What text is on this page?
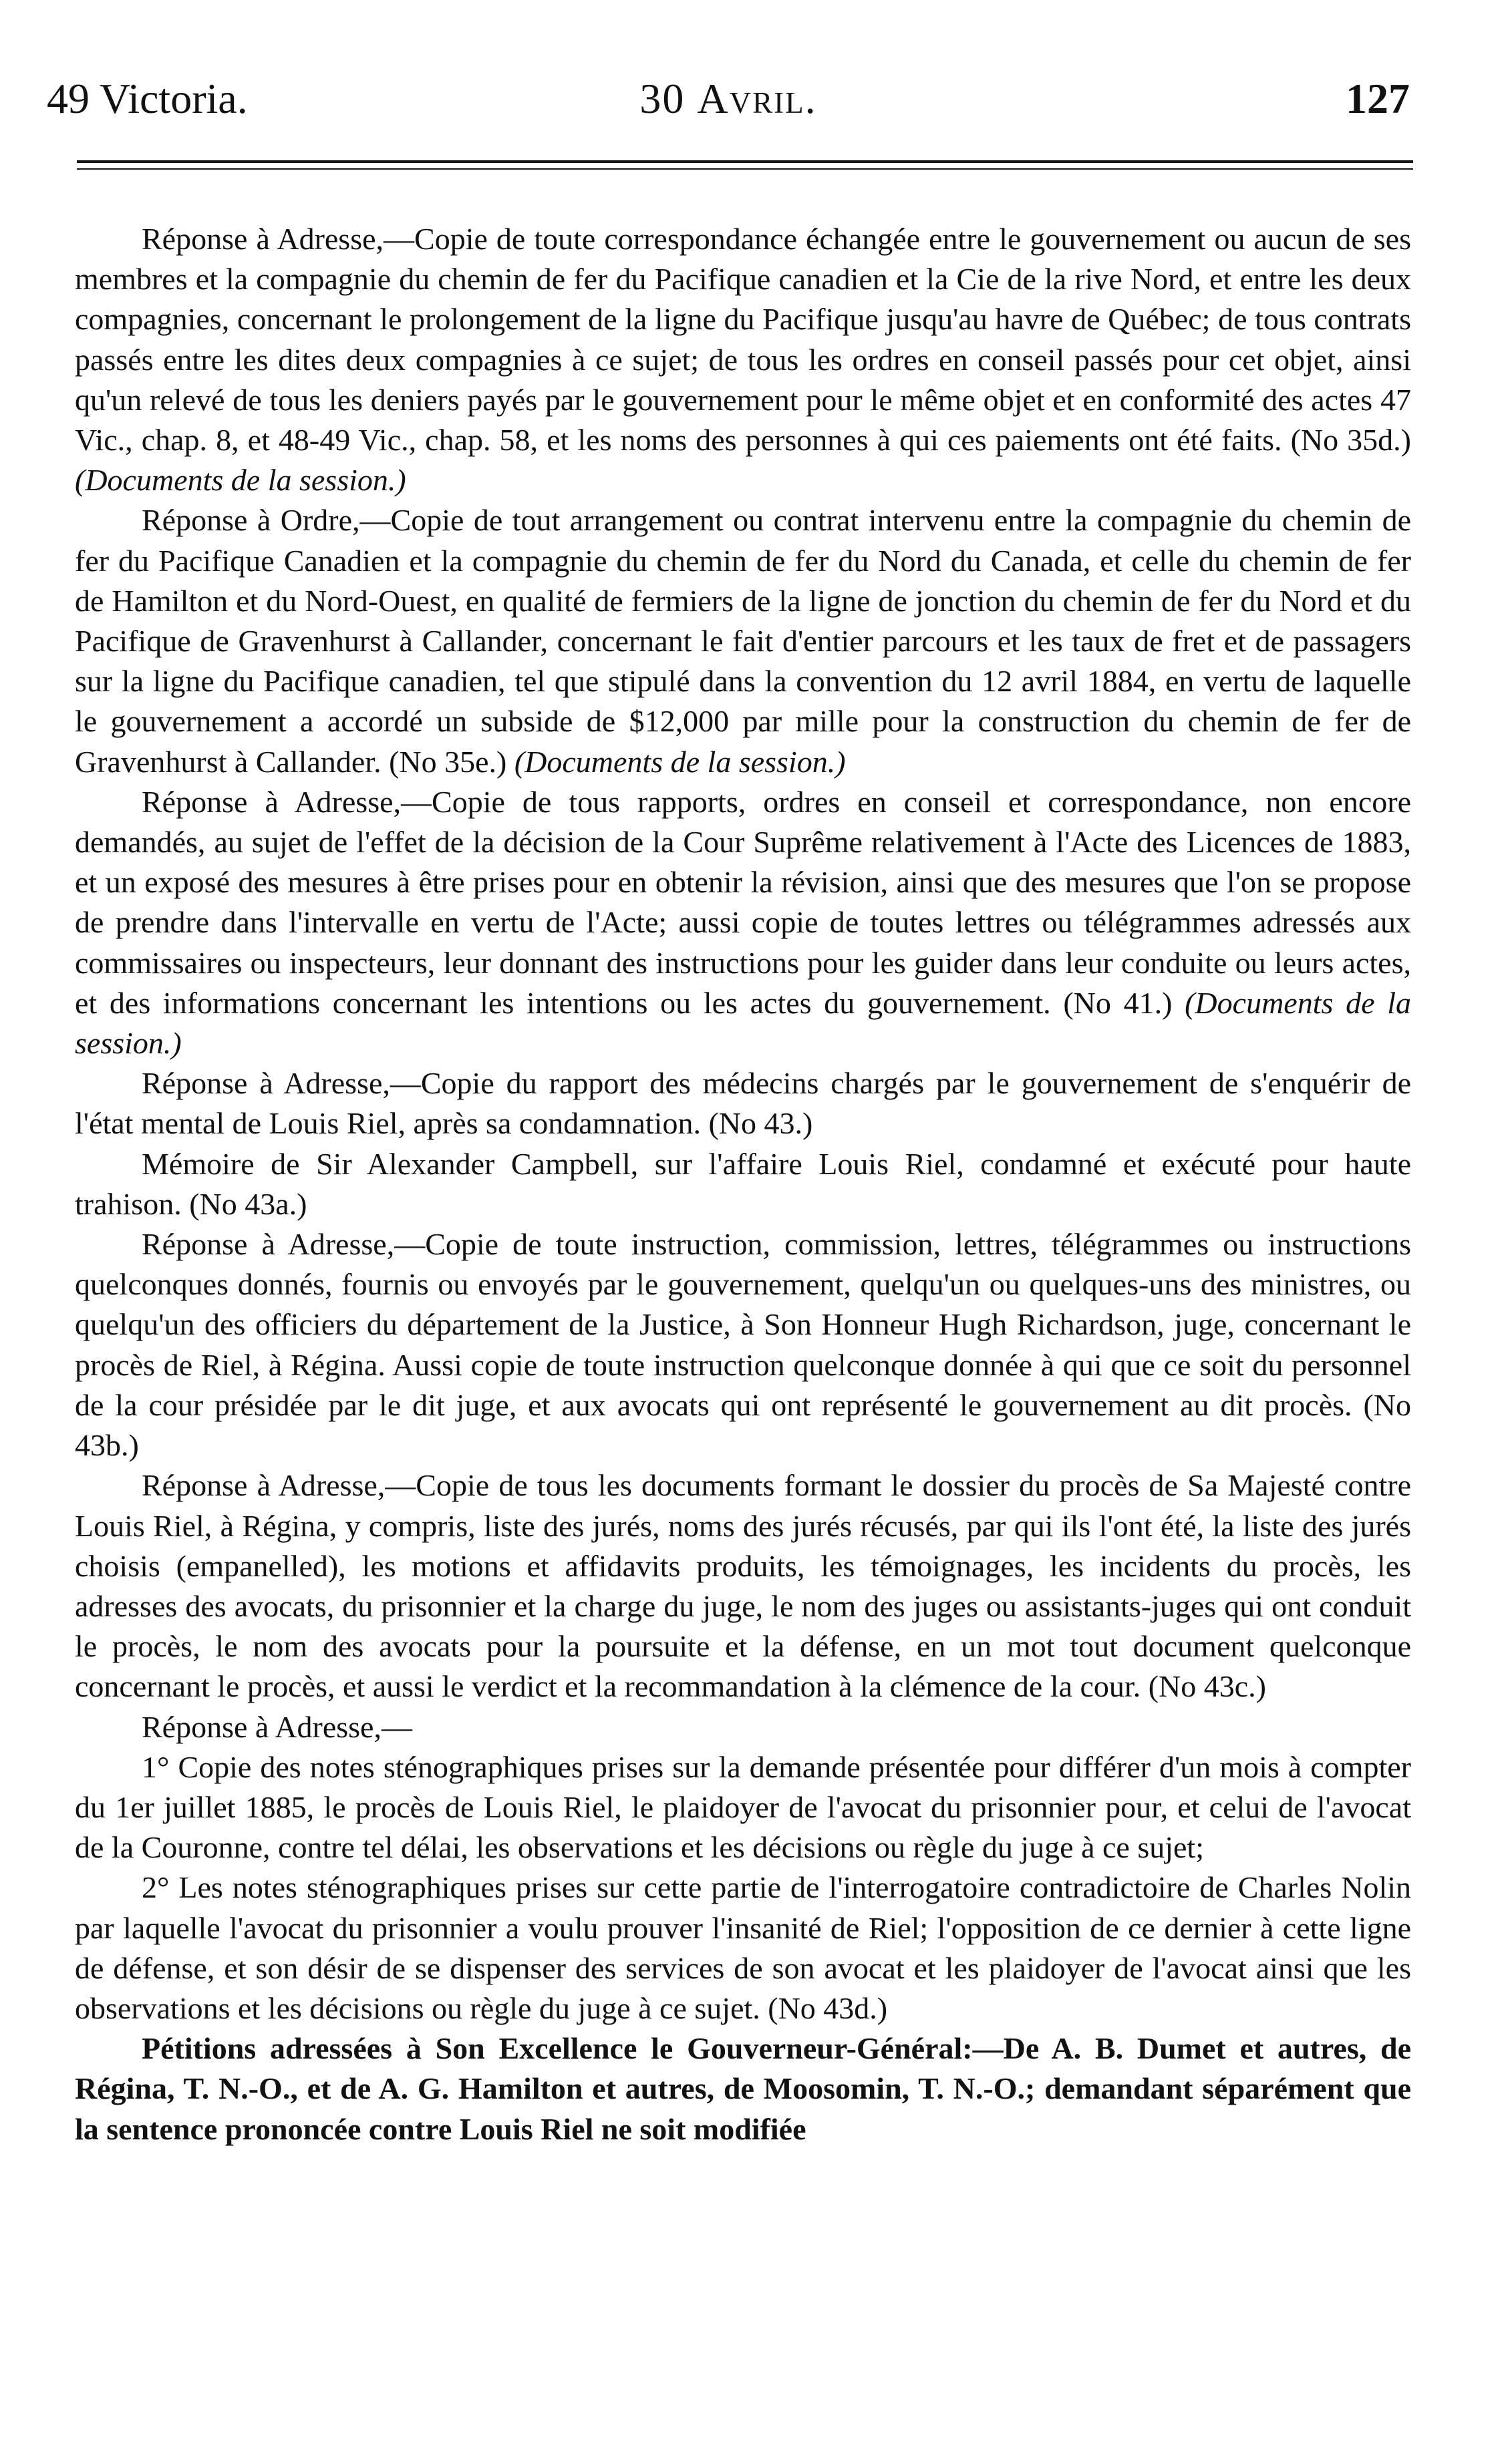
49 Victoria.	30 Avril.	127

Réponse à Adresse,—Copie de toute correspondance échangée entre le gouvernement ou aucun de ses membres et la compagnie du chemin de fer du Pacifique canadien et la Cie de la rive Nord, et entre les deux compagnies, concernant le prolongement de la ligne du Pacifique jusqu'au havre de Québec; de tous contrats passés entre les dites deux compagnies à ce sujet; de tous les ordres en conseil passés pour cet objet, ainsi qu'un relevé de tous les deniers payés par le gouvernement pour le même objet et en conformité des actes 47 Vic., chap. 8, et 48-49 Vic., chap. 58, et les noms des personnes à qui ces paiements ont été faits. (No 35d.) (Documents de la session.)

Réponse à Ordre,—Copie de tout arrangement ou contrat intervenu entre la compagnie du chemin de fer du Pacifique Canadien et la compagnie du chemin de fer du Nord du Canada, et celle du chemin de fer de Hamilton et du Nord-Ouest, en qualité de fermiers de la ligne de jonction du chemin de fer du Nord et du Pacifique de Gravenhurst à Callander, concernant le fait d'entier parcours et les taux de fret et de passagers sur la ligne du Pacifique canadien, tel que stipulé dans la convention du 12 avril 1884, en vertu de laquelle le gouvernement a accordé un subside de $12,000 par mille pour la construction du chemin de fer de Gravenhurst à Callander. (No 35e.) (Documents de la session.)

Réponse à Adresse,—Copie de tous rapports, ordres en conseil et correspondance, non encore demandés, au sujet de l'effet de la décision de la Cour Suprême relativement à l'Acte des Licences de 1883, et un exposé des mesures à être prises pour en obtenir la révision, ainsi que des mesures que l'on se propose de prendre dans l'intervalle en vertu de l'Acte; aussi copie de toutes lettres ou télégrammes adressés aux commissaires ou inspecteurs, leur donnant des instructions pour les guider dans leur conduite ou leurs actes, et des informations concernant les intentions ou les actes du gouvernement. (No 41.) (Documents de la session.)

Réponse à Adresse,—Copie du rapport des médecins chargés par le gouvernement de s'enquérir de l'état mental de Louis Riel, après sa condamnation. (No 43.)

Mémoire de Sir Alexander Campbell, sur l'affaire Louis Riel, condamné et exécuté pour haute trahison. (No 43a.)

Réponse à Adresse,—Copie de toute instruction, commission, lettres, télégrammes ou instructions quelconques donnés, fournis ou envoyés par le gouvernement, quelqu'un ou quelques-uns des ministres, ou quelqu'un des officiers du département de la Justice, à Son Honneur Hugh Richardson, juge, concernant le procès de Riel, à Régina. Aussi copie de toute instruction quelconque donnée à qui que ce soit du personnel de la cour présidée par le dit juge, et aux avocats qui ont représenté le gouvernement au dit procès. (No 43b.)

Réponse à Adresse,—Copie de tous les documents formant le dossier du procès de Sa Majesté contre Louis Riel, à Régina, y compris, liste des jurés, noms des jurés récusés, par qui ils l'ont été, la liste des jurés choisis (empanelled), les motions et affidavits produits, les témoignages, les incidents du procès, les adresses des avocats, du prisonnier et la charge du juge, le nom des juges ou assistants-juges qui ont conduit le procès, le nom des avocats pour la poursuite et la défense, en un mot tout document quelconque concernant le procès, et aussi le verdict et la recommandation à la clémence de la cour. (No 43c.)

Réponse à Adresse,—

1° Copie des notes sténographiques prises sur la demande présentée pour différer d'un mois à compter du 1er juillet 1885, le procès de Louis Riel, le plaidoyer de l'avocat du prisonnier pour, et celui de l'avocat de la Couronne, contre tel délai, les observations et les décisions ou règle du juge à ce sujet;

2° Les notes sténographiques prises sur cette partie de l'interrogatoire contradictoire de Charles Nolin par laquelle l'avocat du prisonnier a voulu prouver l'insanité de Riel; l'opposition de ce dernier à cette ligne de défense, et son désir de se dispenser des services de son avocat et les plaidoyer de l'avocat ainsi que les observations et les décisions ou règle du juge à ce sujet. (No 43d.)

Pétitions adressées à Son Excellence le Gouverneur-Général:—De A. B. Dumet et autres, de Régina, T. N.-O., et de A. G. Hamilton et autres, de Moosomin, T. N.-O.; demandant séparément que la sentence prononcée contre Louis Riel ne soit modifiée
